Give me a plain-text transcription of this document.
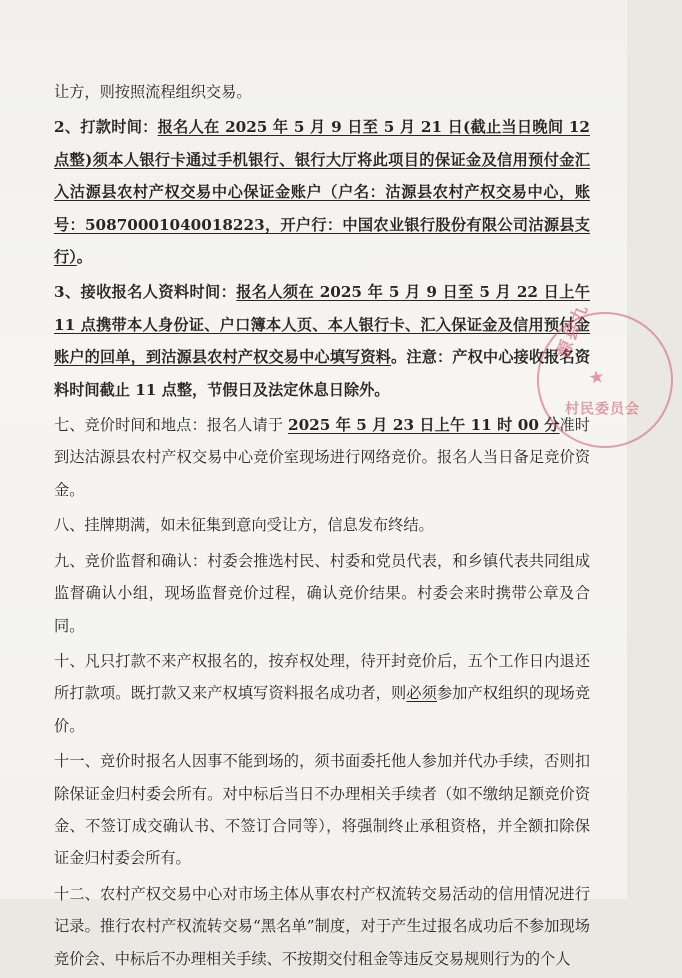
让方，则按照流程组织交易。

2、打款时间：报名人在 2025 年 5 月 9 日至 5 月 21 日(截止当日晚间 12 点整)须本人银行卡通过手机银行、银行大厅将此项目的保证金及信用预付金汇入沽源县农村产权交易中心保证金账户（户名：沽源县农村产权交易中心，账号：50870001040018223，开户行：中国农业银行股份有限公司沽源县支行）。

3、接收报名人资料时间：报名人须在 2025 年 5 月 9 日至 5 月 22 日上午 11 点携带本人身份证、户口簿本人页、本人银行卡、汇入保证金及信用预付金账户的回单，到沽源县农村产权交易中心填写资料。注意：产权中心接收报名资料时间截止 11 点整，节假日及法定休息日除外。

七、竞价时间和地点：报名人请于 2025 年 5 月 23 日上午 11 时 00 分准时到达沽源县农村产权交易中心竞价室现场进行网络竞价。报名人当日备足竞价资金。

八、挂牌期满，如未征集到意向受让方，信息发布终结。

九、竞价监督和确认：村委会推选村民、村委和党员代表，和乡镇代表共同组成监督确认小组，现场监督竞价过程，确认竞价结果。村委会来时携带公章及合同。

十、凡只打款不来产权报名的，按弃权处理，待开封竞价后，五个工作日内退还所打款项。既打款又来产权填写资料报名成功者，则必须参加产权组织的现场竞价。

十一、竞价时报名人因事不能到场的，须书面委托他人参加并代办手续，否则扣除保证金归村委会所有。对中标后当日不办理相关手续者（如不缴纳足额竞价资金、不签订成交确认书、不签订合同等），将强制终止承租资格，并全额扣除保证金归村委会所有。

十二、农村产权交易中心对市场主体从事农村产权流转交易活动的信用情况进行记录。推行农村产权流转交易“黑名单”制度，对于产生过报名成功后不参加现场竞价会、中标后不办理相关手续、不按期交付租金等违反交易规则行为的个人

源县九
★
村民委员会
